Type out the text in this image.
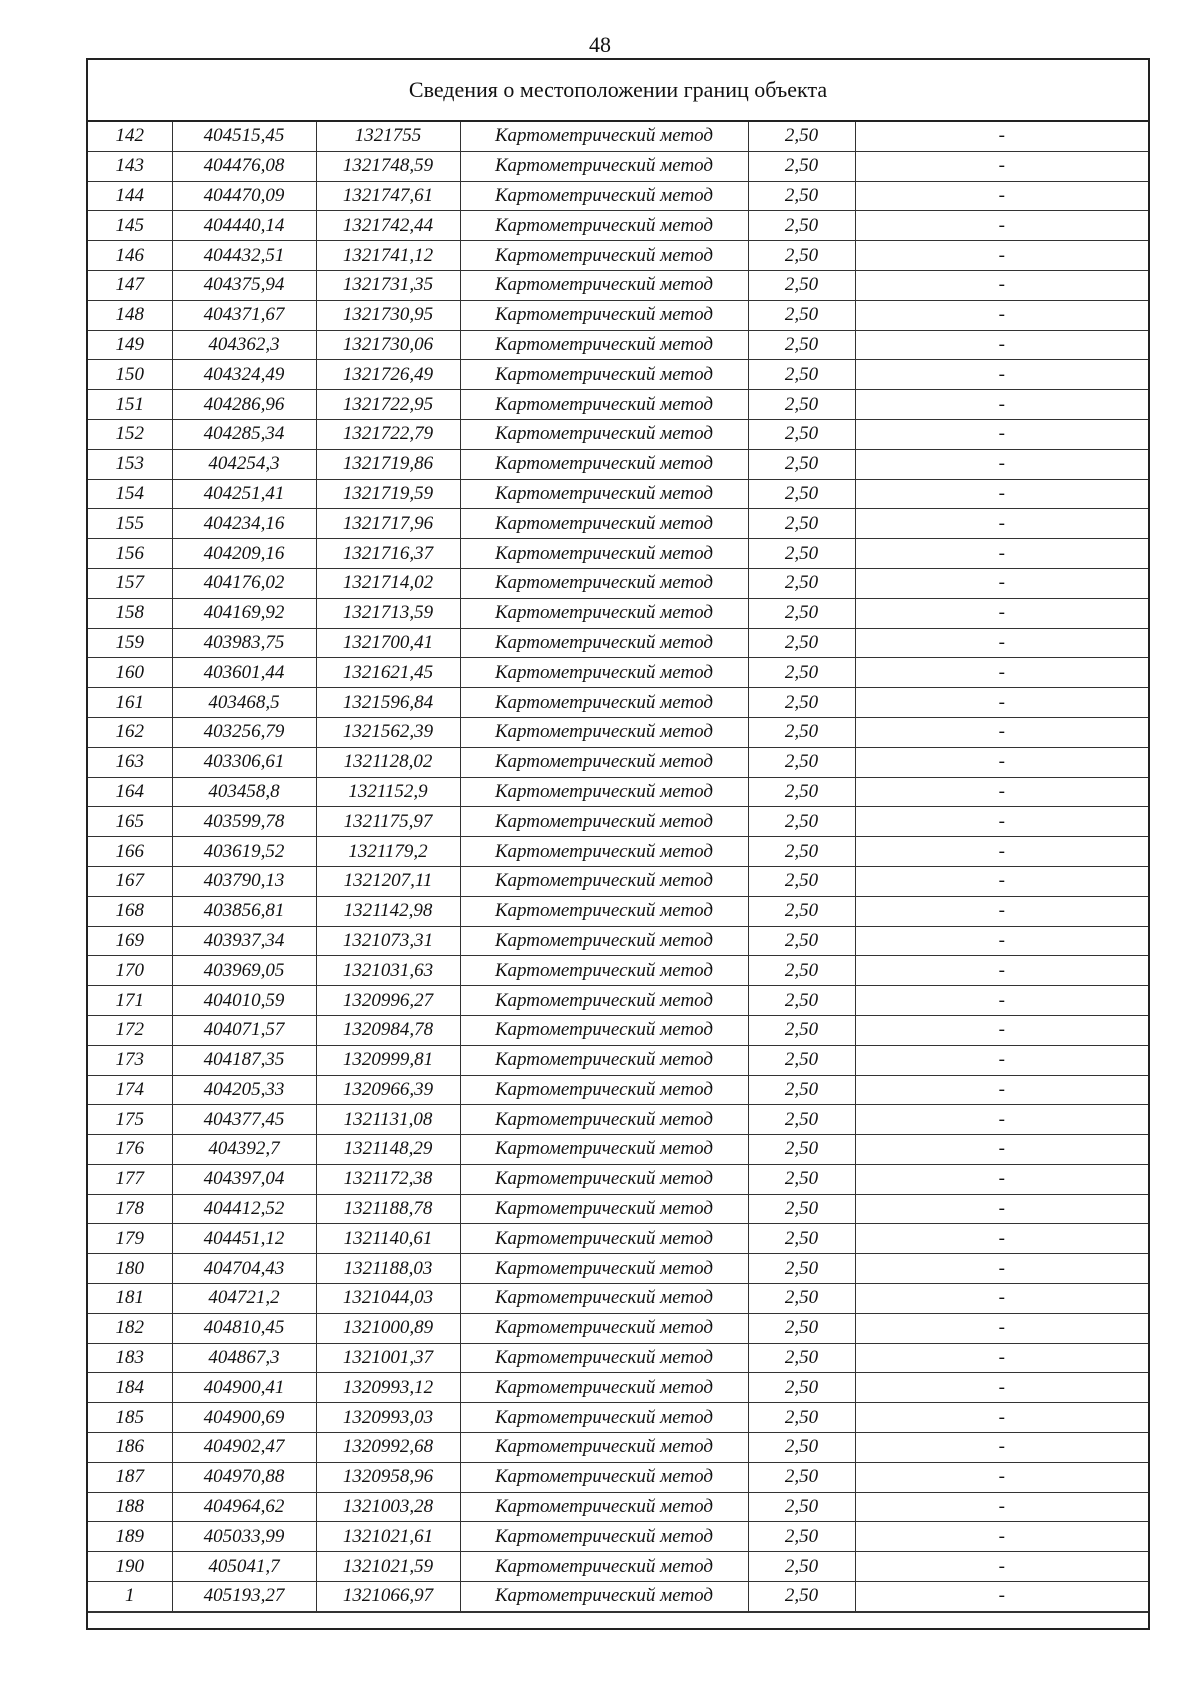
48
Сведения о местоположении границ объекта
142	404515,45	1321755	Картометрический метод	2,50	-
143	404476,08	1321748,59	Картометрический метод	2,50	-
144	404470,09	1321747,61	Картометрический метод	2,50	-
145	404440,14	1321742,44	Картометрический метод	2,50	-
146	404432,51	1321741,12	Картометрический метод	2,50	-
147	404375,94	1321731,35	Картометрический метод	2,50	-
148	404371,67	1321730,95	Картометрический метод	2,50	-
149	404362,3	1321730,06	Картометрический метод	2,50	-
150	404324,49	1321726,49	Картометрический метод	2,50	-
151	404286,96	1321722,95	Картометрический метод	2,50	-
152	404285,34	1321722,79	Картометрический метод	2,50	-
153	404254,3	1321719,86	Картометрический метод	2,50	-
154	404251,41	1321719,59	Картометрический метод	2,50	-
155	404234,16	1321717,96	Картометрический метод	2,50	-
156	404209,16	1321716,37	Картометрический метод	2,50	-
157	404176,02	1321714,02	Картометрический метод	2,50	-
158	404169,92	1321713,59	Картометрический метод	2,50	-
159	403983,75	1321700,41	Картометрический метод	2,50	-
160	403601,44	1321621,45	Картометрический метод	2,50	-
161	403468,5	1321596,84	Картометрический метод	2,50	-
162	403256,79	1321562,39	Картометрический метод	2,50	-
163	403306,61	1321128,02	Картометрический метод	2,50	-
164	403458,8	1321152,9	Картометрический метод	2,50	-
165	403599,78	1321175,97	Картометрический метод	2,50	-
166	403619,52	1321179,2	Картометрический метод	2,50	-
167	403790,13	1321207,11	Картометрический метод	2,50	-
168	403856,81	1321142,98	Картометрический метод	2,50	-
169	403937,34	1321073,31	Картометрический метод	2,50	-
170	403969,05	1321031,63	Картометрический метод	2,50	-
171	404010,59	1320996,27	Картометрический метод	2,50	-
172	404071,57	1320984,78	Картометрический метод	2,50	-
173	404187,35	1320999,81	Картометрический метод	2,50	-
174	404205,33	1320966,39	Картометрический метод	2,50	-
175	404377,45	1321131,08	Картометрический метод	2,50	-
176	404392,7	1321148,29	Картометрический метод	2,50	-
177	404397,04	1321172,38	Картометрический метод	2,50	-
178	404412,52	1321188,78	Картометрический метод	2,50	-
179	404451,12	1321140,61	Картометрический метод	2,50	-
180	404704,43	1321188,03	Картометрический метод	2,50	-
181	404721,2	1321044,03	Картометрический метод	2,50	-
182	404810,45	1321000,89	Картометрический метод	2,50	-
183	404867,3	1321001,37	Картометрический метод	2,50	-
184	404900,41	1320993,12	Картометрический метод	2,50	-
185	404900,69	1320993,03	Картометрический метод	2,50	-
186	404902,47	1320992,68	Картометрический метод	2,50	-
187	404970,88	1320958,96	Картометрический метод	2,50	-
188	404964,62	1321003,28	Картометрический метод	2,50	-
189	405033,99	1321021,61	Картометрический метод	2,50	-
190	405041,7	1321021,59	Картометрический метод	2,50	-
1	405193,27	1321066,97	Картометрический метод	2,50	-
